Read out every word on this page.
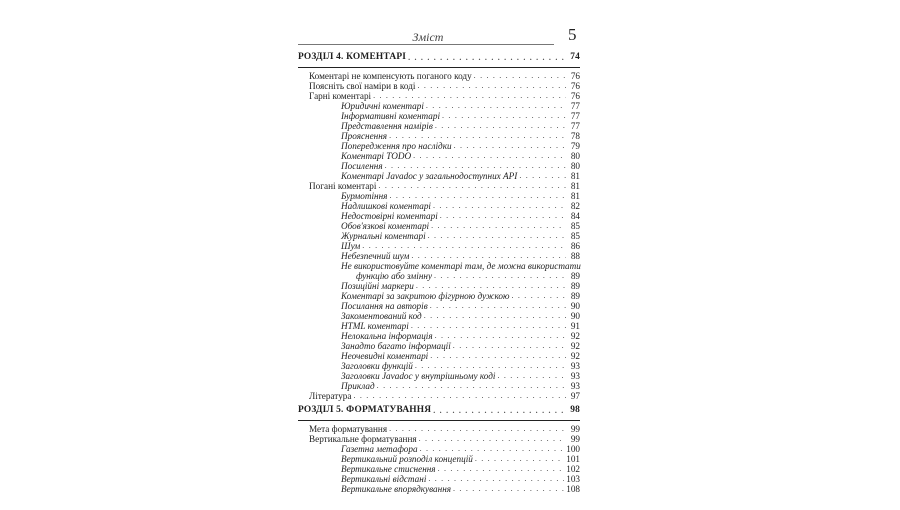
Зміст	5
РОЗДІЛ 4. КОМЕНТАРІ . . .	74
Коментарі не компенсують поганого коду . . .	76
Поясніть свої наміри в коді . . .	76
Гарні коментарі . . .	76
Юридичні коментарі . . .	77
Інформативні коментарі . . .	77
Представлення намірів . . .	77
Прояснення . . .	78
Попередження про наслідки . . .	79
Коментарі TODO . . .	80
Посилення . . .	80
Коментарі Javadoc у загальнодоступних API . . .	81
Погані коментарі . . .	81
Бурмотіння . . .	81
Надлишкові коментарі . . .	82
Недостовірні коментарі . . .	84
Обов'язкові коментарі . . .	85
Журнальні коментарі . . .	85
Шум . . .	86
Небезпечний шум . . .	88
Не використовуйте коментарі там, де можна використати
функцію або змінну . . .	89
Позиційні маркери . . .	89
Коментарі за закритою фігурною дужкою . . .	89
Посилання на авторів . . .	90
Закоментований код . . .	90
HTML коментарі . . .	91
Нелокальна інформація . . .	92
Занадто багато інформації . . .	92
Неочевидні коментарі . . .	92
Заголовки функцій . . .	93
Заголовки Javadoc у внутрішньому коді . . .	93
Приклад . . .	93
Література . . .	97
РОЗДІЛ 5. ФОРМАТУВАННЯ . . .	98
Мета форматування . . .	99
Вертикальне форматування . . .	99
Газетна метафора . . .	100
Вертикальний розподіл концепцій . . .	101
Вертикальне стиснення . . .	102
Вертикальні відстані . . .	103
Вертикальне впорядкування . . .	108
